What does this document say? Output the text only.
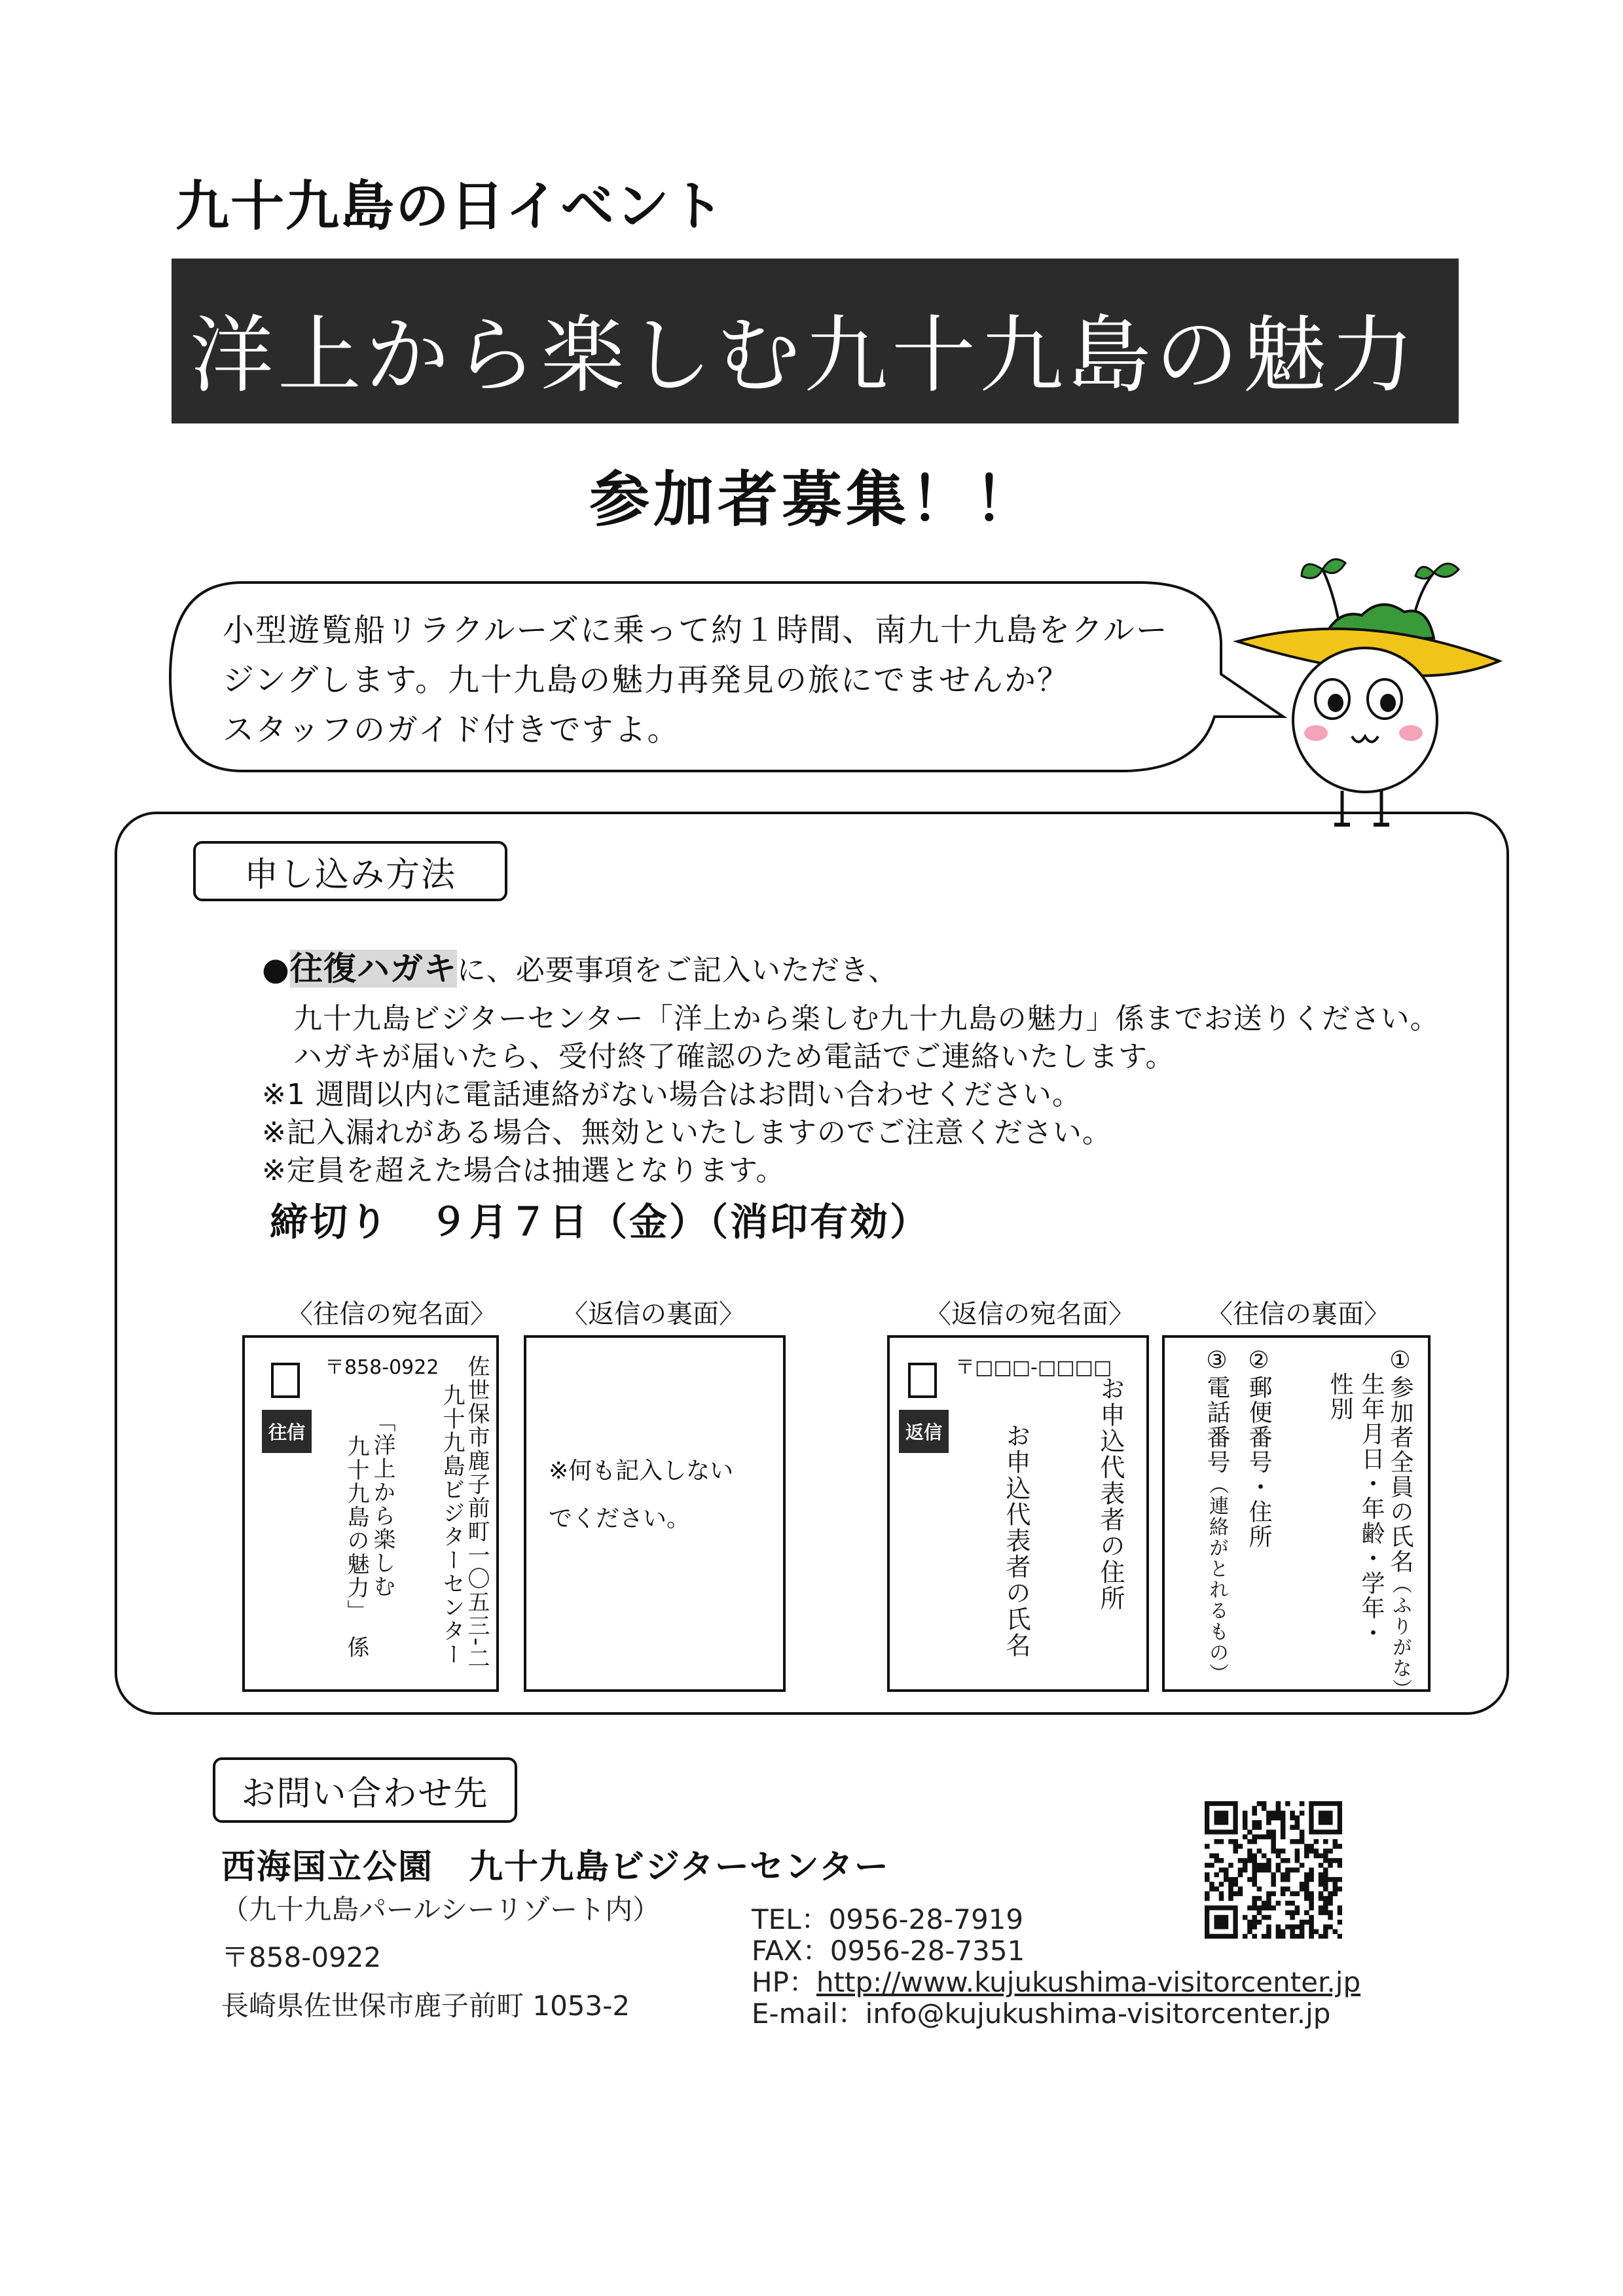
九十九島の日イベント
洋上から楽しむ九十九島の魅力
参加者募集！！
小型遊覧船リラクルーズに乗って約１時間、南九十九島をクルー
ジングします。九十九島の魅力再発見の旅にでませんか？
スタッフのガイド付きですよ。
申し込み方法
●往復ハガキに、必要事項をご記入いただき、
九十九島ビジターセンター「洋上から楽しむ九十九島の魅力」係までお送りください。
ハガキが届いたら、受付終了確認のため電話でご連絡いたします。
※1 週間以内に電話連絡がない場合はお問い合わせください。
※記入漏れがある場合、無効といたしますのでご注意ください。
※定員を超えた場合は抽選となります。
締切り　９月７日（金）（消印有効）
〈往信の宛名面〉	〈返信の裏面〉	〈返信の宛名面〉	〈往信の裏面〉
往信
〒858-0922 佐世保市鹿子前町一〇五三-二
九十九島ビジターセンター
「洋上から楽しむ
九十九島の魅力」
係
※何も記入しない
でください。
返信
〒□□□-□□□□
お申込代表者の住所
お申込代表者の氏名	①参加者全員の氏名（ふりがな）
生年月日・年齢・学年・
性別
②郵便番号・住所
③電話番号（連絡がとれるもの）
お問い合わせ先
西海国立公園　九十九島ビジターセンター
（九十九島パールシーリゾート内）
〒858-0922
長崎県佐世保市鹿子前町 1053-2
TEL：0956-28-7919
FAX：0956-28-7351
HP：http://www.kujukushima-visitorcenter.jp
E-mail：info@kujukushima-visitorcenter.jp
